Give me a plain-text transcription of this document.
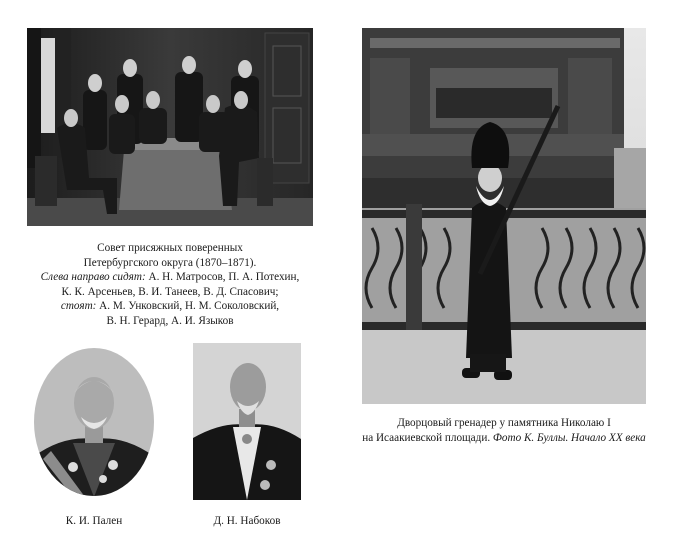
Совет присяжных поверенных
Петербургского округа (1870–1871).
Слева направо сидят: А. Н. Матросов, П. А. Потехин,
К. К. Арсеньев, В. И. Танеев, В. Д. Спасович;
стоят: А. М. Унковский, Н. М. Соколовский,
В. Н. Герард, А. И. Языков
К. И. Пален	Д. Н. Набоков
Дворцовый гренадер у памятника Николаю I
на Исаакиевской площади. Фото К. Буллы. Начало XX века
